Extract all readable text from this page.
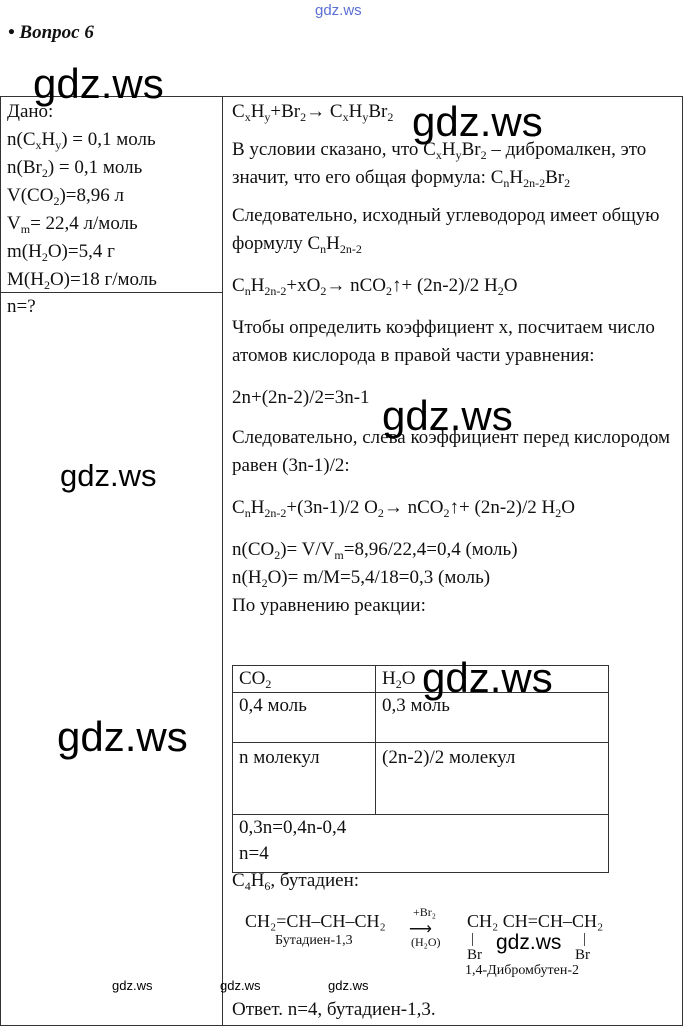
gdz.ws
• Вопрос 6
Дано:
$n(C_xH_y) = 0,1$ моль
$n(Br_2) = 0,1$ моль
$V(CO_2)=8,96$ л
$V_m= 22,4$ л/моль
$m(H_2O)=5,4$ г
$M(H_2O)=18$ г/моль
n=?

$C_xH_y+Br_2\to C_xH_yBr_2$

В условии сказано, что $C_xH_yBr_2$ – дибромалкен, это значит, что его общая формула: $C_nH_{2n-2}Br_2$

Следовательно, исходный углеводород имеет общую формулу $C_nH_{2n-2}$

$C_nH_{2n-2}+xO_2\to$ nCO$_2$↑+ (2n-2)/2 $H_2O$

Чтобы определить коэффициент x, посчитаем число атомов кислорода в правой части уравнения:

2n+(2n-2)/2=3n-1

Следовательно, слева коэффициент перед кислородом равен (3n-1)/2:

$C_nH_{2n-2}+(3n-1)/2$ $O_2\to$ nCO$_2$↑+ (2n-2)/2 $H_2O$

$n(CO_2)= V/V_m=8,96/22,4=0,4$ (моль)

$n(H_2O)= m/M=5,4/18=0,3$ (моль)

По уравнению реакции:

$CO_2$	$H_2O$
0,4 моль	0,3 моль
n молекул	(2n-2)/2 молекул

0,3n=0,4n-0,4
n=4	
$C_4H_6$, бутадиен:
CH₂=CH–CH–CH₂
Бутадиен-1,3
+Br₂
⟶
(H₂O)
CH₂ CH=CH–CH₂
|	|
Br	Br
1,4-Дибромбутен-2
Ответ. n=4, бутадиен-1,3.
gdz.ws
gdz.ws
gdz.ws
gdz.ws
gdz.ws
gdz.ws
gdz.ws
gdz.ws	gdz.ws	gdz.ws
